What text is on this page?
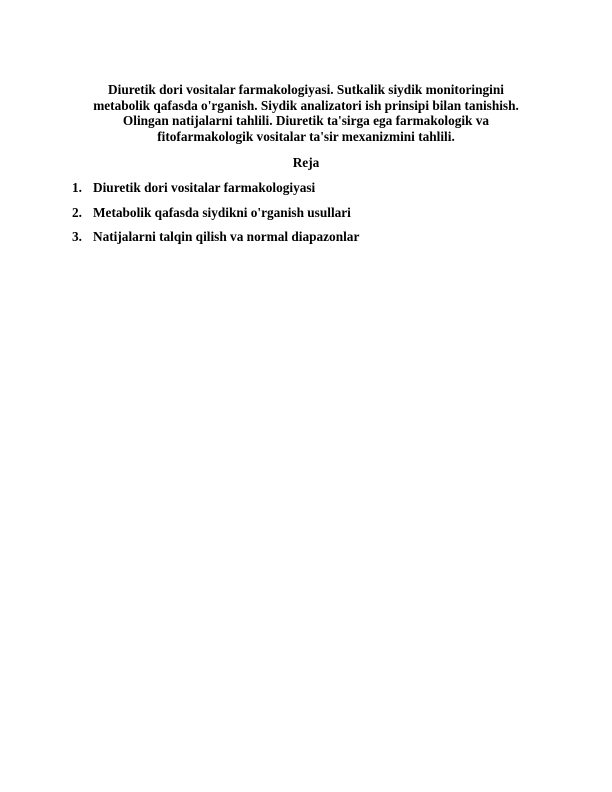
Diuretik dori vositalar farmakologiyasi. Sutkalik siydik monitoringini
metabolik qafasda o'rganish. Siydik analizatori ish prinsipi bilan tanishish.
Olingan natijalarni tahlili. Diuretik ta'sirga ega farmakologik va
fitofarmakologik vositalar ta'sir mexanizmini tahlili.
Reja
1. Diuretik dori vositalar farmakologiyasi
2. Metabolik qafasda siydikni o'rganish usullari
3. Natijalarni talqin qilish va normal diapazonlar
